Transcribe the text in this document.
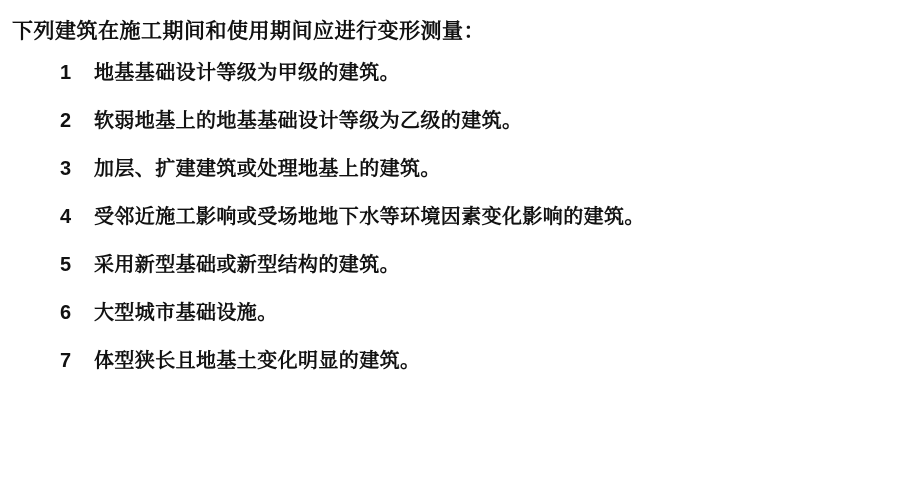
下列建筑在施工期间和使用期间应进行变形测量：

1	地基基础设计等级为甲级的建筑。
2	软弱地基上的地基基础设计等级为乙级的建筑。
3	加层、扩建建筑或处理地基上的建筑。
4	受邻近施工影响或受场地地下水等环境因素变化影响的建筑。
5	采用新型基础或新型结构的建筑。
6	大型城市基础设施。
7	体型狭长且地基土变化明显的建筑。
